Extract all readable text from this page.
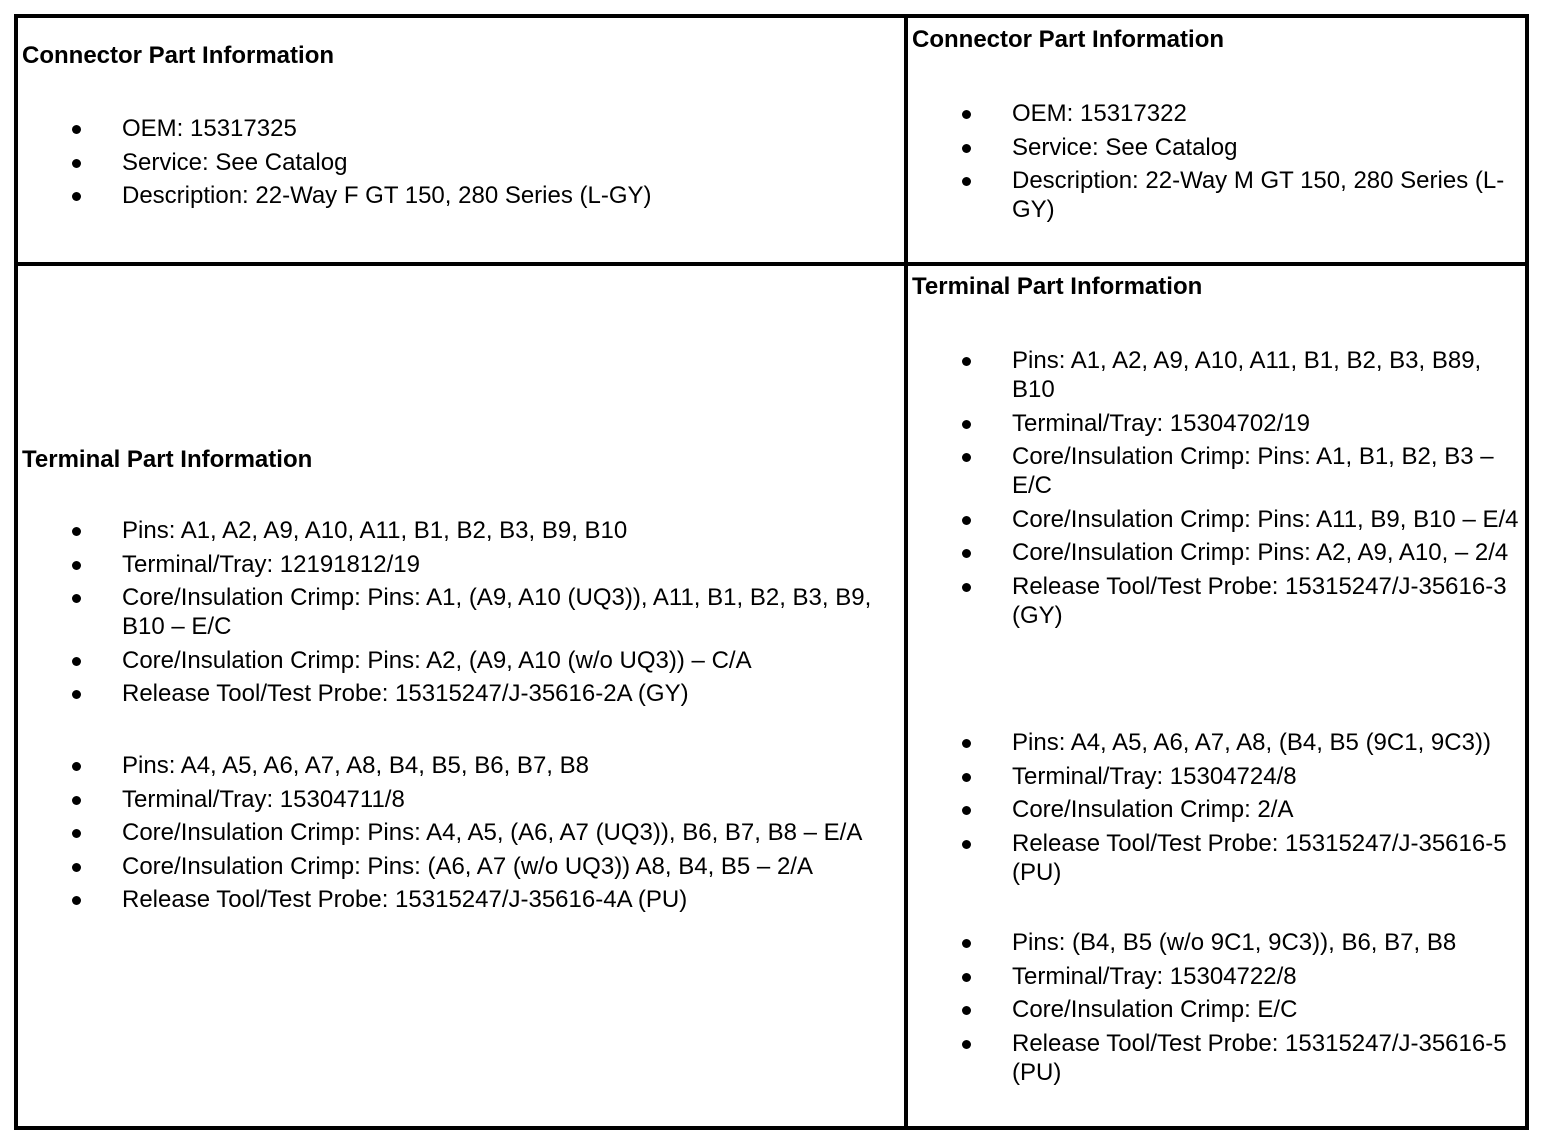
Connector Part Information
OEM: 15317325
Service: See Catalog
Description: 22-Way F GT 150, 280 Series (L-GY)
Connector Part Information
OEM: 15317322
Service: See Catalog
Description: 22-Way M GT 150, 280 Series (L-GY)
Terminal Part Information
Pins: A1, A2, A9, A10, A11, B1, B2, B3, B9, B10
Terminal/Tray: 12191812/19
Core/Insulation Crimp: Pins: A1, (A9, A10 (UQ3)), A11, B1, B2, B3, B9, B10 – E/C
Core/Insulation Crimp: Pins: A2, (A9, A10 (w/o UQ3)) – C/A
Release Tool/Test Probe: 15315247/J-35616-2A (GY)
Pins: A4, A5, A6, A7, A8, B4, B5, B6, B7, B8
Terminal/Tray: 15304711/8
Core/Insulation Crimp: Pins: A4, A5, (A6, A7 (UQ3)), B6, B7, B8 – E/A
Core/Insulation Crimp: Pins: (A6, A7 (w/o UQ3)) A8, B4, B5 – 2/A
Release Tool/Test Probe: 15315247/J-35616-4A (PU)
Terminal Part Information
Pins: A1, A2, A9, A10, A11, B1, B2, B3, B89, B10
Terminal/Tray: 15304702/19
Core/Insulation Crimp: Pins: A1, B1, B2, B3 – E/C
Core/Insulation Crimp: Pins: A11, B9, B10 – E/4
Core/Insulation Crimp: Pins: A2, A9, A10, – 2/4
Release Tool/Test Probe: 15315247/J-35616-3 (GY)
Pins: A4, A5, A6, A7, A8, (B4, B5 (9C1, 9C3))
Terminal/Tray: 15304724/8
Core/Insulation Crimp: 2/A
Release Tool/Test Probe: 15315247/J-35616-5 (PU)
Pins: (B4, B5 (w/o 9C1, 9C3)), B6, B7, B8
Terminal/Tray: 15304722/8
Core/Insulation Crimp: E/C
Release Tool/Test Probe: 15315247/J-35616-5 (PU)
